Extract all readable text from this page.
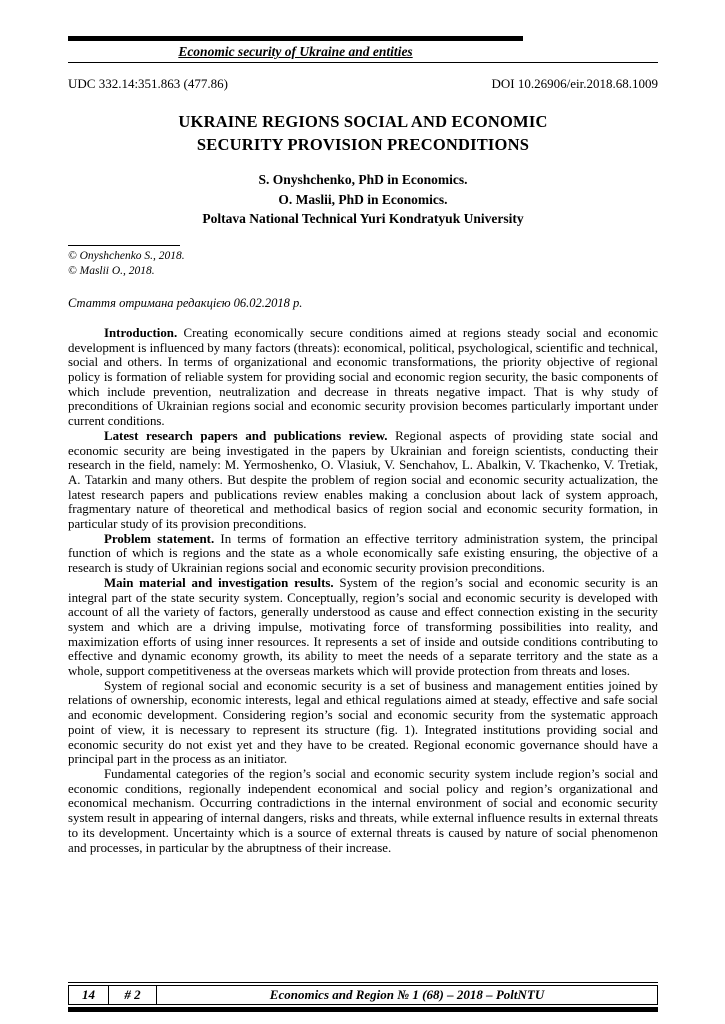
Economic security of Ukraine and entities
UDC 332.14:351.863 (477.86)	DOI 10.26906/eir.2018.68.1009
UKRAINE REGIONS SOCIAL AND ECONOMIC
SECURITY PROVISION PRECONDITIONS
S. Onyshchenko, PhD in Economics.
O. Maslii, PhD in Economics.
Poltava National Technical Yuri Kondratyuk University
© Onyshchenko S., 2018.
© Maslii O., 2018.
Стаття отримана редакцією 06.02.2018 р.

Introduction. Creating economically secure conditions aimed at regions steady social and economic development is influenced by many factors (threats): economical, political, psychological, scientific and technical, social and others. In terms of organizational and economic transformations, the priority objective of regional policy is formation of reliable system for providing social and economic region security, the basic components of which include prevention, neutralization and decrease in threats negative impact. That is why study of preconditions of Ukrainian regions social and economic security provision becomes particularly important under current conditions.

Latest research papers and publications review. Regional aspects of providing state social and economic security are being investigated in the papers by Ukrainian and foreign scientists, conducting their research in the field, namely: M. Yermoshenko, O. Vlasiuk, V. Senchahov, L. Abalkin, V. Tkachenko, V. Tretiak, A. Tatarkin and many others. But despite the problem of region social and economic security actualization, the latest research papers and publications review enables making a conclusion about lack of system approach, fragmentary nature of theoretical and methodical basics of region social and economic security formation, in particular study of its provision preconditions.

Problem statement. In terms of formation an effective territory administration system, the principal function of which is regions and the state as a whole economically safe existing ensuring, the objective of a research is study of Ukrainian regions social and economic security provision preconditions.

Main material and investigation results. System of the region’s social and economic security is an integral part of the state security system. Conceptually, region’s social and economic security is developed with account of all the variety of factors, generally understood as cause and effect connection existing in the security system and which are a driving impulse, motivating force of transforming possibilities into reality, and maximization efforts of using inner resources. It represents a set of inside and outside conditions contributing to effective and dynamic economy growth, its ability to meet the needs of a separate territory and the state as a whole, support competitiveness at the overseas markets which will provide protection from threats and loses.

System of regional social and economic security is a set of business and management entities joined by relations of ownership, economic interests, legal and ethical regulations aimed at steady, effective and safe social and economic development. Considering region’s social and economic security from the systematic approach point of view, it is necessary to represent its structure (fig. 1). Integrated institutions providing social and economic security do not exist yet and they have to be created. Regional economic governance should have a principal part in the process as an initiator.

Fundamental categories of the region’s social and economic security system include region’s social and economic conditions, regionally independent economical and social policy and region’s organizational and economical mechanism. Occurring contradictions in the internal environment of social and economic security system result in appearing of internal dangers, risks and threats, while external influence results in external threats to its development. Uncertainty which is a source of external threats is caused by nature of social phenomenon and processes, in particular by the abruptness of their increase.

14	# 2	Economics and Region № 1 (68) – 2018 – PoltNTU
